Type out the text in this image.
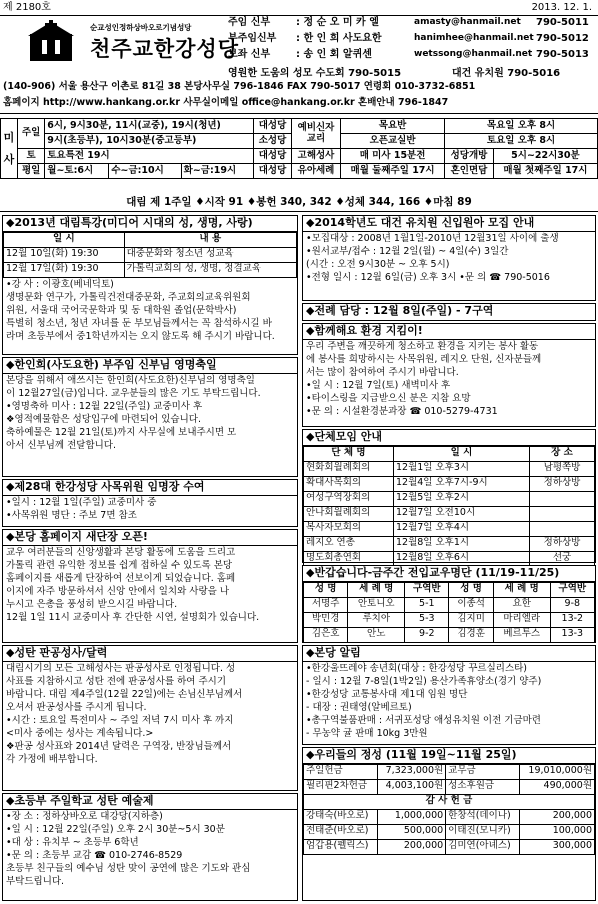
제 2180호	2013. 12. 1.
순교성인정하상바오로기념성당
천주교한강성당
주임 신부	: 정 순 오 미 카 엘	amasty@hanmail.net	790-5011
부주임신부	: 한 인 희 사도요한	hanimhee@hanmail.net 790-5012
보좌 신부	: 송 인 회 알퀴센	wetssong@hanmail.net 790-5013
영원한 도움의 성모 수도회 790-5015	대건 유치원 790-5016
(140-906) 서울 용산구 이촌로 81길 38 본당사무실 796-1846 FAX 790-5017 연령회 010-3732-6851
홈페이지 http://www.hankang.or.kr 사무실이메일 office@hankang.or.kr 혼배안내 796-1847
미사	주일	6시, 9시30분, 11시(교중), 19시(청년)			대성당	예비신자 교리	목요반	목요일 오후 8시	
		9시(초등부), 10시30분(중고등부)			소성당		오픈교실반	토요일 오후 8시	
	토	토요특전 19시			대성당	고해성사	매 미사 15분전	성당개방	5시~22시30분
	평일	월~토:6시	수~금:10시	화~금:19시	대성당	유아세례	매월 둘째주일 17시	혼인면담	매월 첫째주일 17시
대림 제 1주일 ♦시작 91 ♦봉헌 340, 342 ♦성체 344, 166 ♦마침 89
◆2013년 대림특강(미디어 시대의 성, 생명, 사랑)
일 시	내 용
12월 10일(화) 19:30	대중문화와 청소년 성교육
12월 17일(화) 19:30	가톨릭교회의 성, 생명, 정결교육

•강 사 : 이광호(베네딕토)

생명문화 연구가, 가톨릭건전대중문화, 주교회의교육위원회

위원, 서울대 국어국문학과 및 동 대학원 졸업(문학박사)

특별히 청소년, 청년 자녀를 둔 부모님들께서는 꼭 참석하시길 바

라며 초등부에서 중1학년까지는 오지 않도록 해 주시기 바랍니다.

◆한인희(사도요한) 부주임 신부님 영명축일

본당을 위해서 애쓰시는 한인희(사도요한)신부님의 영명축일

이 12월27일(금)입니다. 교우분들의 많은 기도 부탁드립니다.

•영명축하 미사 : 12월 22일(주일) 교중미사 후

❖영적예물함은 성당입구에 마련되어 있습니다.

축하예물은 12월 21일(토)까지 사무실에 보내주시면 모

아서 신부님께 전달합니다.

◆제28대 한강성당 사목위원 임명장 수여

•일시 : 12월 1일(주일) 교중미사 중

•사목위원 명단 : 주보 7면 참조

◆본당 홈페이지 새단장 오픈!

교우 여러분들의 신앙생활과 본당 활동에 도움을 드리고

가톨릭 관련 유익한 정보를 쉽게 접하실 수 있도록 본당

홈페이지를 새롭게 단장하여 선보이게 되었습니다. 홈페

이지에 자주 방문하셔서 신앙 안에서 일치와 사랑을 나

누시고 은총을 풍성히 받으시길 바랍니다.

12월 1일 11시 교중미사 후 간단한 시연, 설명회가 있습니다.

◆성탄 판공성사/달력

대림시기의 모든 고해성사는 판공성사로 인정됩니다. 성

사표를 지참하시고 성탄 전에 판공성사를 하여 주시기

바랍니다. 대림 제4주일(12월 22일)에는 손님신부님께서

오셔서 판공성사를 주시게 됩니다.

•시간 : 토요일 특전미사 ~ 주일 저녁 7시 미사 후 까지

<미사 중에는 성사는 계속됩니다.>

❖판공 성사표와 2014년 달력은 구역장, 반장님들께서

각 가정에 배부합니다.

◆초등부 주일학교 성탄 예술제

•장 소 : 정하상바오로 대강당(지하층)

•일 시 : 12월 22일(주일) 오후 2시 30분~5시 30분

•대 상 : 유치부 ~ 초등부 6학년

•문 의 : 초등부 교감 ☎ 010-2746-8529

초등부 친구들의 예수님 성탄 맞이 공연에 많은 기도와 관심

부탁드립니다.

◆2014학년도 대건 유치원 신입원아 모집 안내

•모집대상 : 2008년 1월1일-2010년 12월31일 사이에 출생

•원서교부/접수 : 12월 2일(월) ~ 4일(수) 3일간

(시간 : 오전 9시30분 ~ 오후 5시)

•전형 일시 : 12월 6일(금) 오후 3시 •문 의 ☎ 790-5016

◆전례 담당 : 12월 8일(주일) - 7구역
◆함께해요 환경 지킴이!

우리 주변을 깨끗하게 청소하고 환경을 지키는 봉사 활동

에 봉사를 희망하시는 사목위원, 레지오 단원, 신자분들께

서는 많이 참여하여 주시기 바랍니다.

•일 시 : 12월 7일(토) 새벽미사 후

•타이스링을 지급받으신 분은 지참 요망

•문 의 : 시설환경분과장 ☎ 010-5279-4731

◆단체모임 안내
단 체 명	일 시	장 소
현화회월례회의	12월1일 오후3시	남평쪽방
확대사목회의	12월4일 오후7시-9시	정하상방
여성구역장회의	12월5일 오후2시	
안나회월례회의	12월7일 오전10시	
복사자모회의	12월7일 오후4시	
레지오 연총	12월8일 오후1시	정하상방
명도회총연회	12월8일 오후6시	선궁
◆반갑습니다-금주간 전입교우명단 (11/19-11/25)
성 명	세 례 명	구역반	성 명	세 례 명	구역반
서명주	안토니오	5-1	이종석	요한	9-8
박민경	루치아	5-3	김지미	마리엘라	13-2
김은호	안노	9-2	김경훈	베르투스	13-3
◆본당 알림

•한강울뜨레야 송년회(대상 : 한강성당 꾸르실리스타)

- 일시 : 12월 7-8일(1박2일) 용산가족휴양소(경기 양주)

•한강성당 교통봉사대 제1대 임원 명단

- 대장 : 권태영(알베르토)

•총구역불품판매 : 서귀포성당 애성유치원 이전 기금마련

- 무농약 귤 판매 10kg 3만원

◆우리들의 정성 (11월 19일~11월 25일)
주일헌금	7,323,000원	교무금	19,010,000원
필리핀2차헌금	4,003,100원	성소후원금	490,000원
감 사 헌 금			
강태숙(바오로)	1,000,000	한창석(데이나)	200,000
전태준(바오로)	500,000	이태진(모니카)	100,000
엄갑용(펠릭스)	200,000	김미연(아녜스)	300,000
